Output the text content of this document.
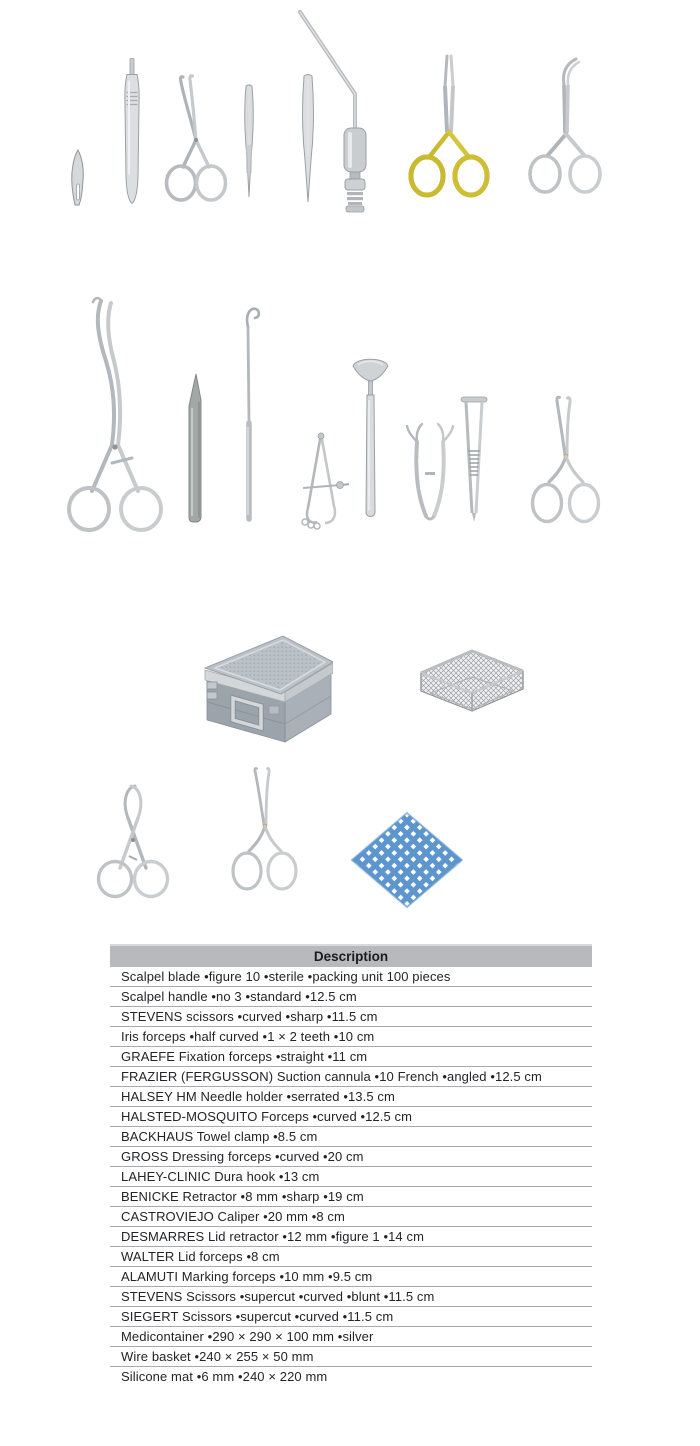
Description
Scalpel blade •figure 10 •sterile •packing unit 100 pieces
Scalpel handle •no 3 •standard •12.5 cm
STEVENS scissors •curved •sharp •11.5 cm
Iris forceps •half curved •1 × 2 teeth •10 cm
GRAEFE Fixation forceps •straight •11 cm
FRAZIER (FERGUSSON) Suction cannula •10 French •angled •12.5 cm
HALSEY HM Needle holder •serrated •13.5 cm
HALSTED-MOSQUITO Forceps •curved •12.5 cm
BACKHAUS Towel clamp •8.5 cm
GROSS Dressing forceps •curved •20 cm
LAHEY-CLINIC Dura hook •13 cm
BENICKE Retractor •8 mm •sharp •19 cm
CASTROVIEJO Caliper •20 mm •8 cm
DESMARRES Lid retractor •12 mm •figure 1 •14 cm
WALTER Lid forceps •8 cm
ALAMUTI Marking forceps •10 mm •9.5 cm
STEVENS Scissors •supercut •curved •blunt •11.5 cm
SIEGERT Scissors •supercut •curved •11.5 cm
Medicontainer •290 × 290 × 100 mm •silver
Wire basket •240 × 255 × 50 mm
Silicone mat •6 mm •240 × 220 mm
